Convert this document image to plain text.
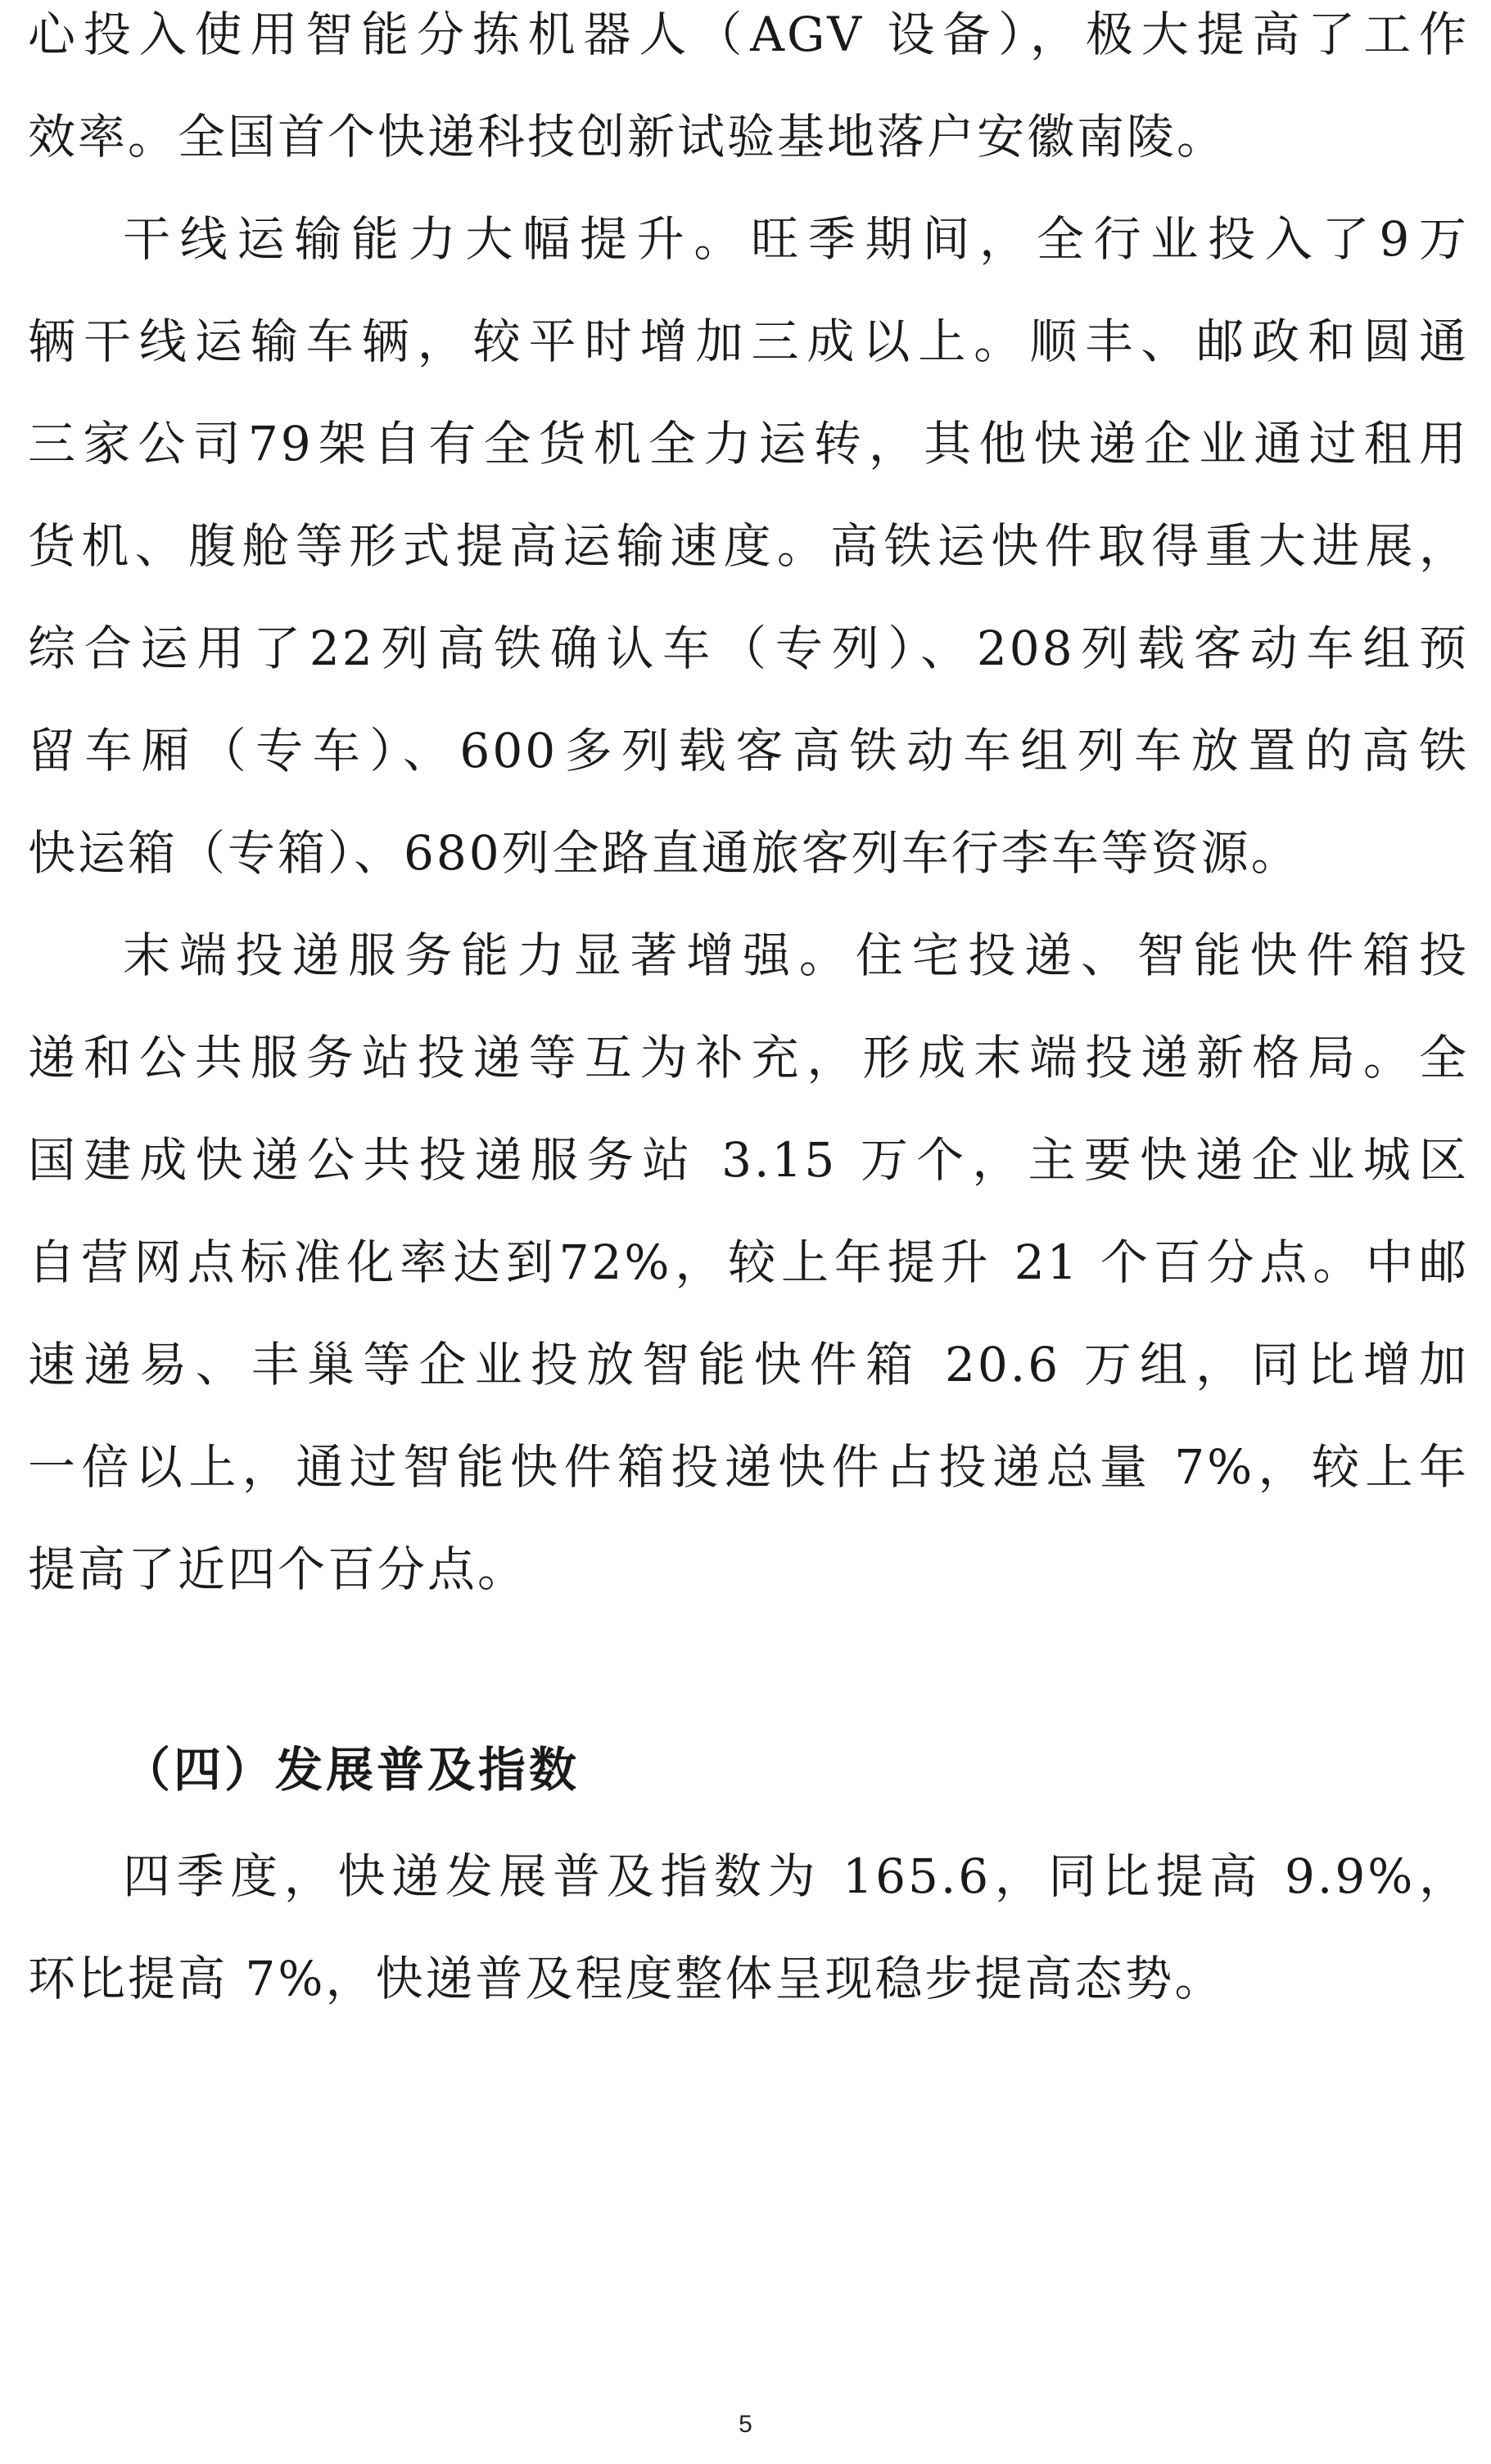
心投入使用智能分拣机器人（AGV 设备），极大提高了工作
效率。全国首个快递科技创新试验基地落户安徽南陵。
干线运输能力大幅提升。旺季期间，全行业投入了9万
辆干线运输车辆，较平时增加三成以上。顺丰、邮政和圆通
三家公司79架自有全货机全力运转，其他快递企业通过租用
货机、腹舱等形式提高运输速度。高铁运快件取得重大进展，
综合运用了22列高铁确认车（专列）、208列载客动车组预
留车厢（专车）、600多列载客高铁动车组列车放置的高铁
快运箱（专箱）、680列全路直通旅客列车行李车等资源。
末端投递服务能力显著增强。住宅投递、智能快件箱投
递和公共服务站投递等互为补充，形成末端投递新格局。全
国建成快递公共投递服务站 3.15 万个，主要快递企业城区
自营网点标准化率达到72%，较上年提升 21 个百分点。中邮
速递易、丰巢等企业投放智能快件箱 20.6 万组，同比增加
一倍以上，通过智能快件箱投递快件占投递总量 7%，较上年
提高了近四个百分点。
（四）发展普及指数
四季度，快递发展普及指数为 165.6，同比提高 9.9%，
环比提高 7%，快递普及程度整体呈现稳步提高态势。
5
